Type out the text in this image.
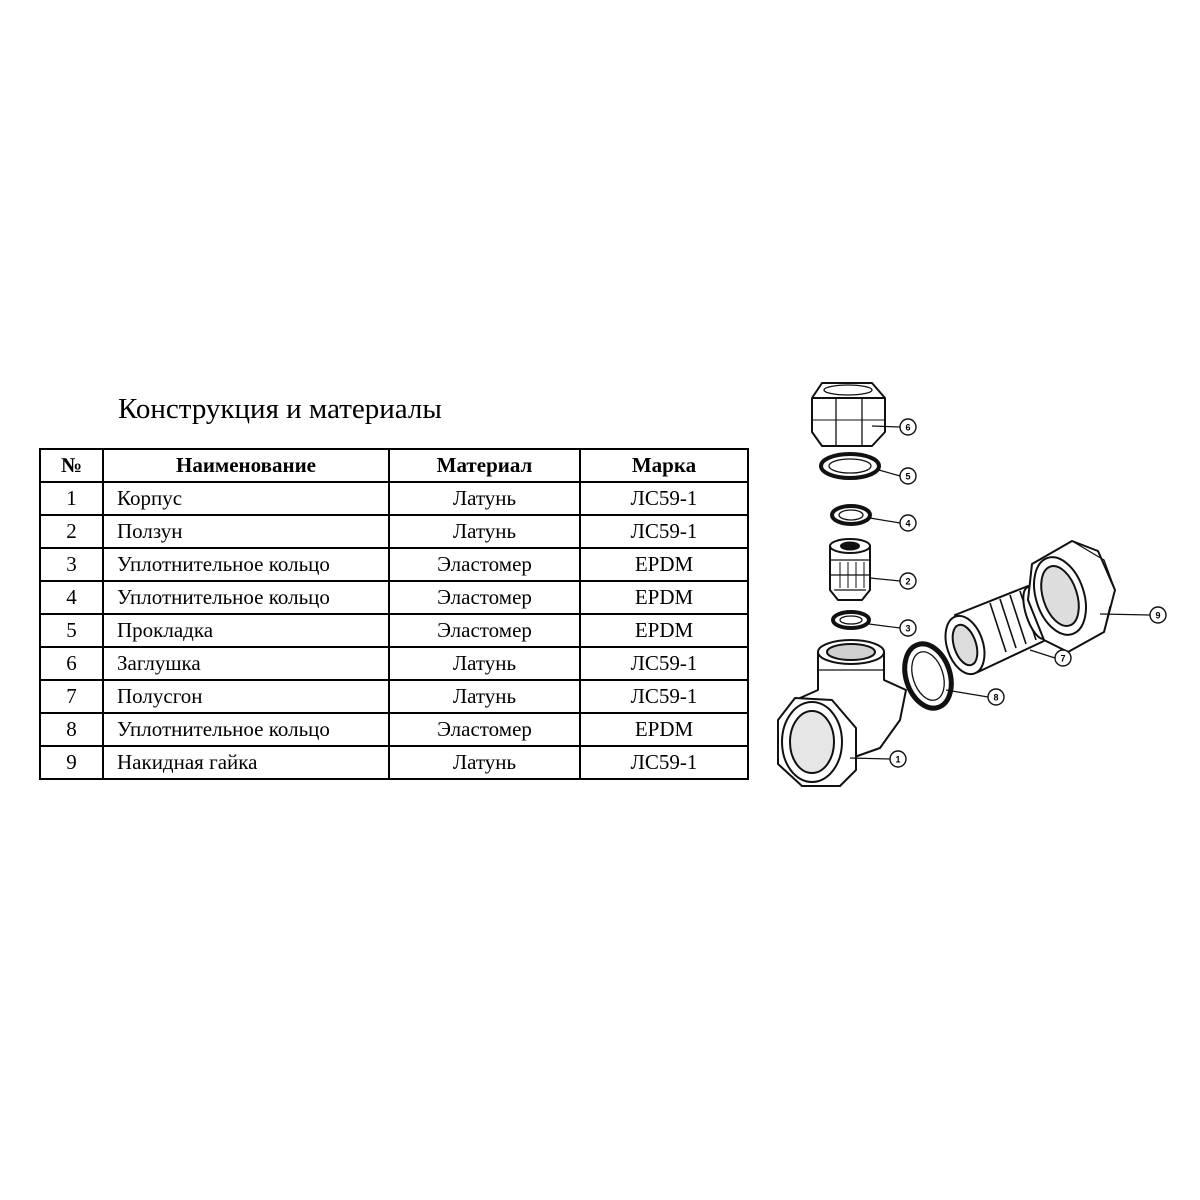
Конструкция и материалы
№	Наименование	Материал	Марка
1	Корпус	Латунь	ЛС59-1
2	Ползун	Латунь	ЛС59-1
3	Уплотнительное кольцо	Эластомер	EPDM
4	Уплотнительное кольцо	Эластомер	EPDM
5	Прокладка	Эластомер	EPDM
6	Заглушка	Латунь	ЛС59-1
7	Полусгон	Латунь	ЛС59-1
8	Уплотнительное кольцо	Эластомер	EPDM
9	Накидная гайка	Латунь	ЛС59-1
6
5
4
2
3
9
7
8
1
